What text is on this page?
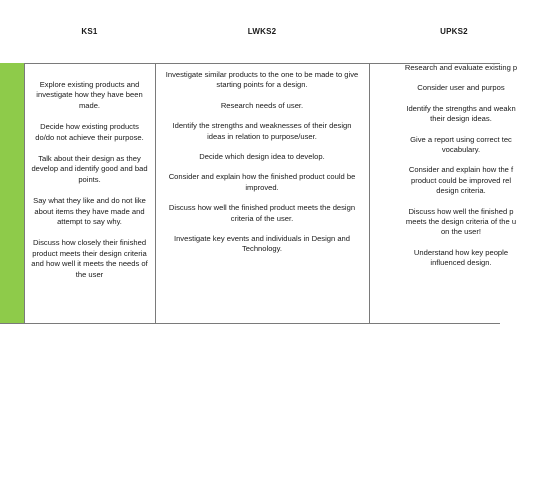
KS1	LWKS2	UPKS2
Explore existing products and investigate how they have been made.
Decide how existing products do/do not achieve their purpose.
Talk about their design as they develop and identify good and bad points.
Say what they like and do not like about items they have made and attempt to say why.
Discuss how closely their finished product meets their design criteria and how well it meets the needs of the user
Investigate similar products to the one to be made to give starting points for a design.
Research needs of user.
Identify the strengths and weaknesses of their design ideas in relation to purpose/user.
Decide which design idea to develop.
Consider and explain how the finished product could be improved.
Discuss how well the finished product meets the design criteria of the user.
Investigate key events and individuals in Design and Technology.
Research and evaluate existing p
Consider user and purpos
Identify the strengths and weakn
their design ideas.
Give a report using correct tec
vocabulary.
Consider and explain how the f
product could be improved rel
design criteria.
Discuss how well the finished p
meets the design criteria of the u
on the user!
Understand how key people
influenced design.
